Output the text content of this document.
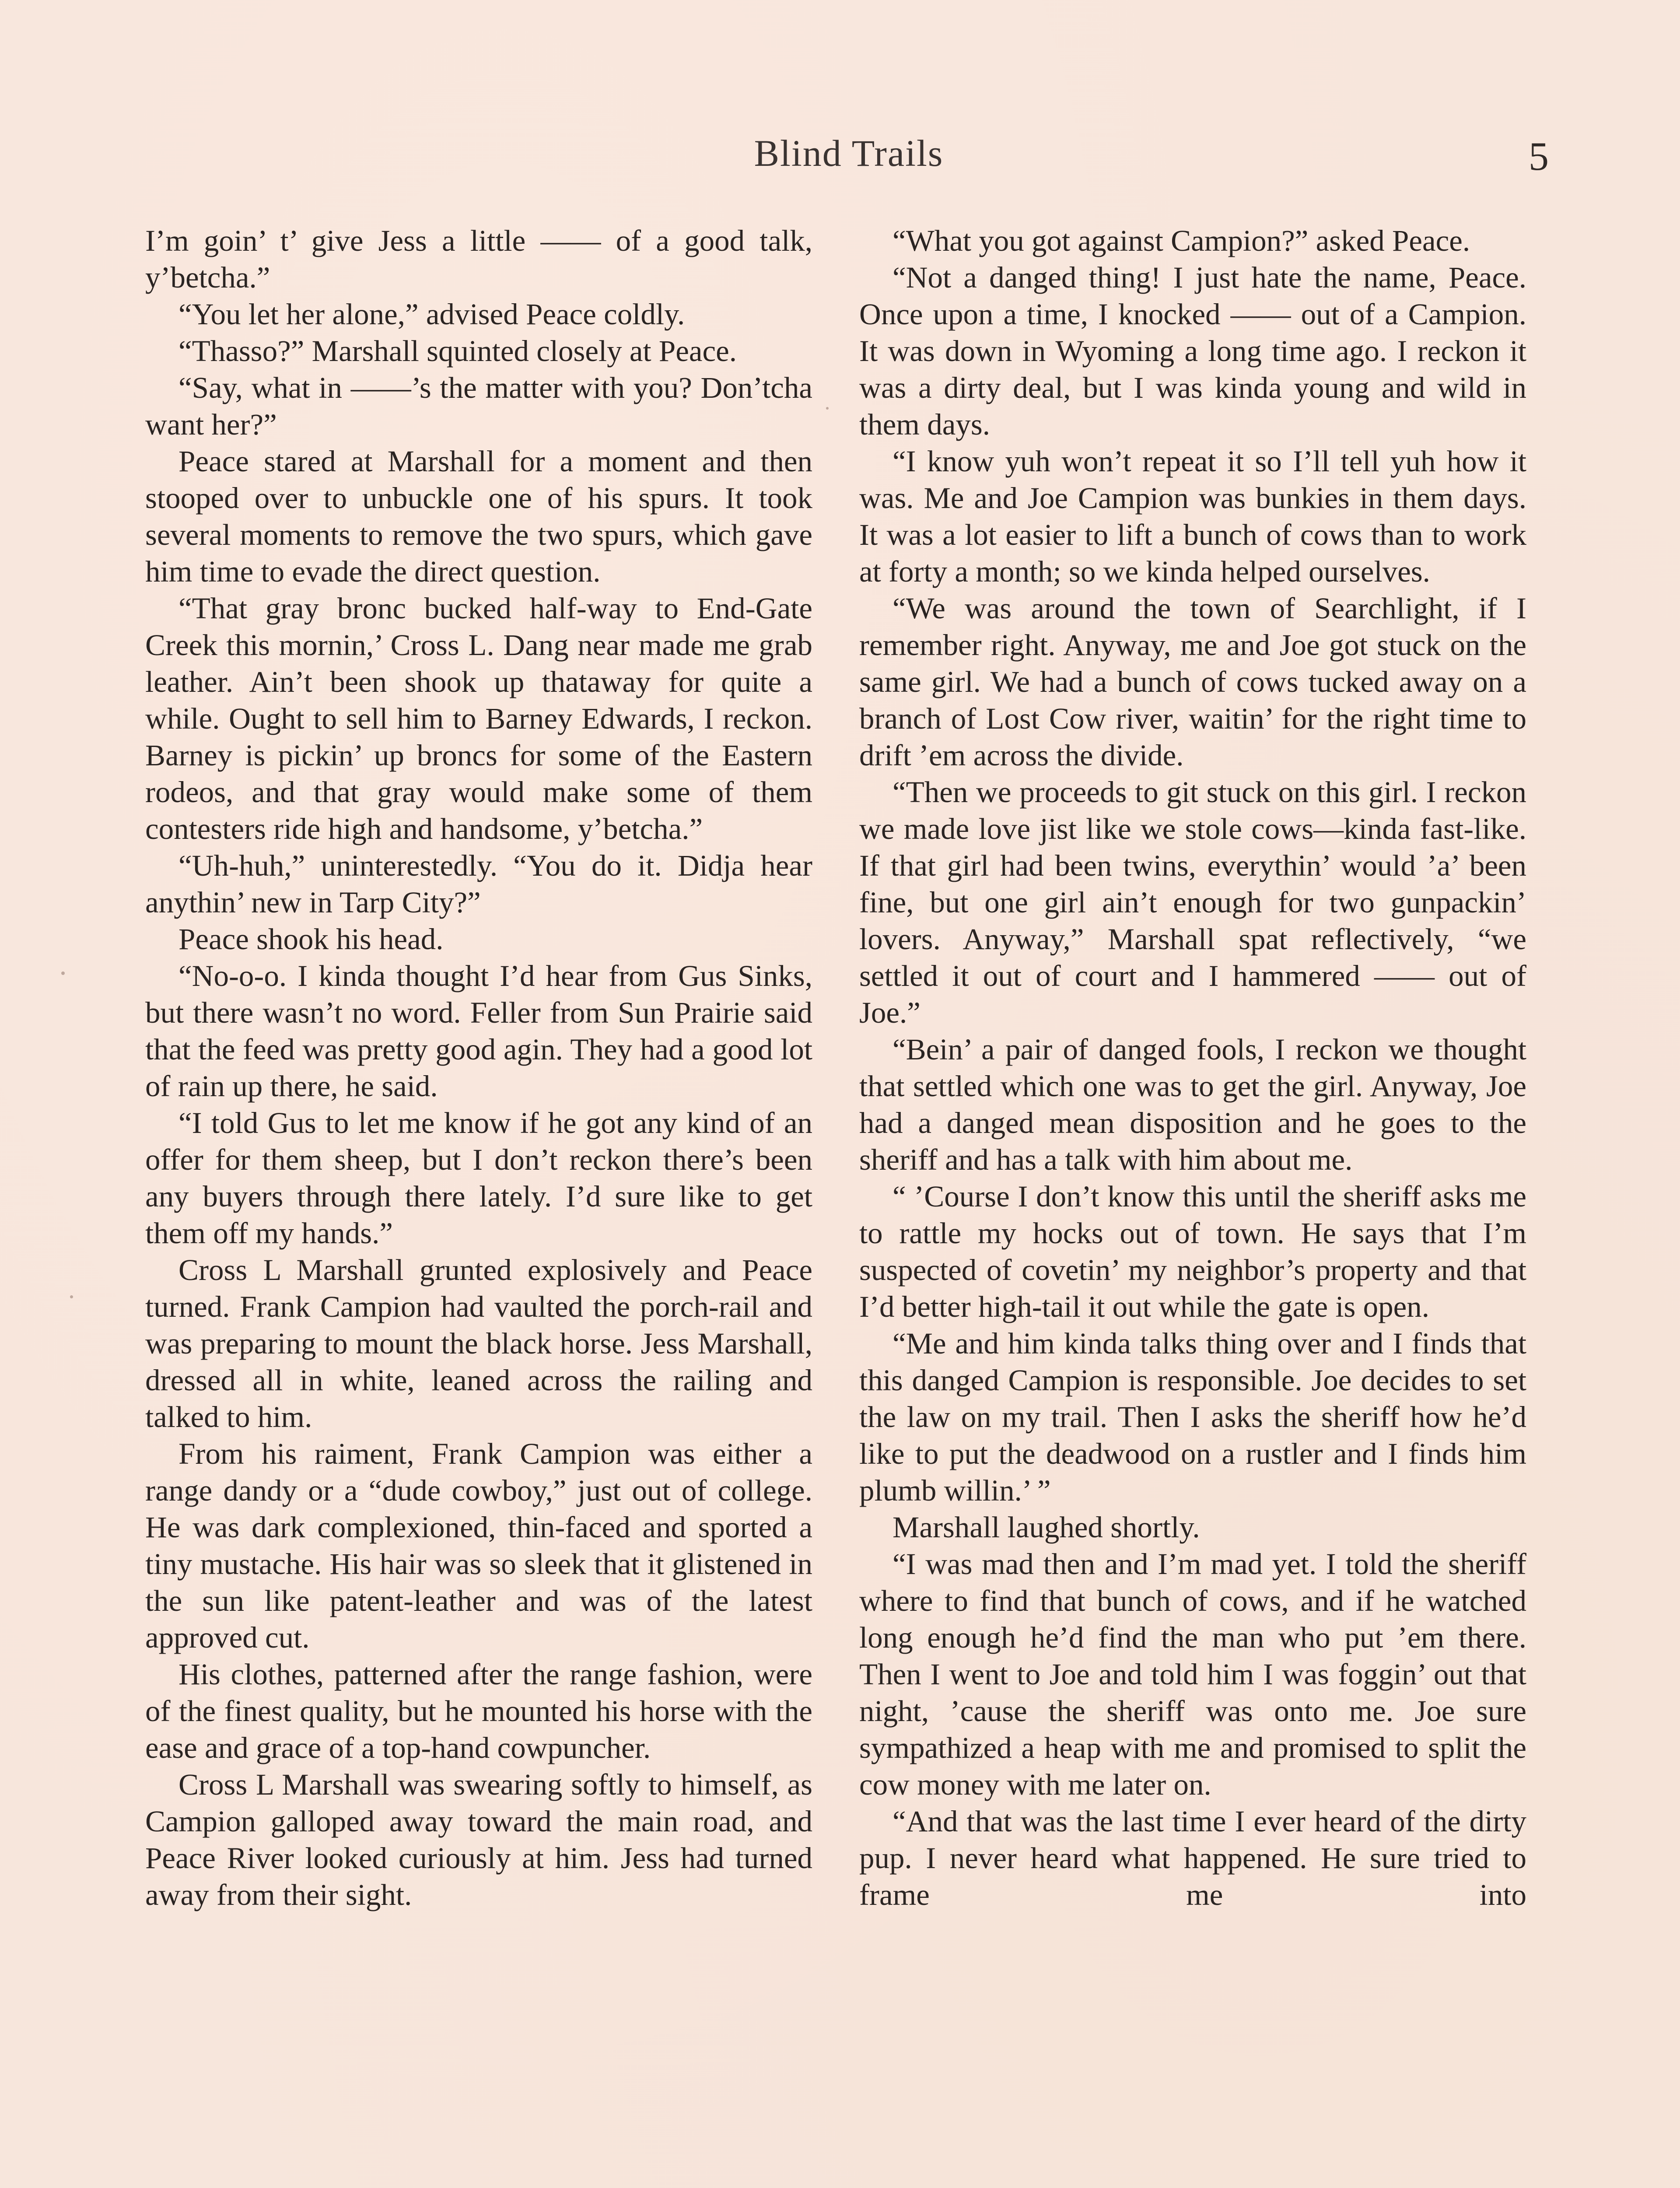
Blind Trails	5

I’m goin’ t’ give Jess a little —— of a good talk, y’betcha.”

“You let her alone,” advised Peace coldly.

“Thasso?” Marshall squinted closely at Peace.

“Say, what in ——’s the matter with you? Don’tcha want her?”

Peace stared at Marshall for a moment and then stooped over to unbuckle one of his spurs. It took several moments to remove the two spurs, which gave him time to evade the direct question.

“That gray bronc bucked half-way to End-Gate Creek this mornin,’ Cross L. Dang near made me grab leather. Ain’t been shook up thataway for quite a while. Ought to sell him to Barney Edwards, I reckon. Barney is pickin’ up broncs for some of the Eastern rodeos, and that gray would make some of them contesters ride high and handsome, y’betcha.”

“Uh-huh,” uninterestedly. “You do it. Didja hear anythin’ new in Tarp City?”

Peace shook his head.

“No-o-o. I kinda thought I’d hear from Gus Sinks, but there wasn’t no word. Feller from Sun Prairie said that the feed was pretty good agin. They had a good lot of rain up there, he said.

“I told Gus to let me know if he got any kind of an offer for them sheep, but I don’t reckon there’s been any buyers through there lately. I’d sure like to get them off my hands.”

Cross L Marshall grunted explosively and Peace turned. Frank Campion had vaulted the porch-rail and was preparing to mount the black horse. Jess Marshall, dressed all in white, leaned across the railing and talked to him.

From his raiment, Frank Campion was either a range dandy or a “dude cowboy,” just out of college. He was dark complexioned, thin-faced and sported a tiny mustache. His hair was so sleek that it glistened in the sun like patent-leather and was of the latest approved cut.

His clothes, patterned after the range fashion, were of the finest quality, but he mounted his horse with the ease and grace of a top-hand cowpuncher.

Cross L Marshall was swearing softly to himself, as Campion galloped away toward the main road, and Peace River looked curiously at him. Jess had turned away from their sight.

“What you got against Campion?” asked Peace.

“Not a danged thing! I just hate the name, Peace. Once upon a time, I knocked —— out of a Campion. It was down in Wyoming a long time ago. I reckon it was a dirty deal, but I was kinda young and wild in them days.

“I know yuh won’t repeat it so I’ll tell yuh how it was. Me and Joe Campion was bunkies in them days. It was a lot easier to lift a bunch of cows than to work at forty a month; so we kinda helped ourselves.

“We was around the town of Searchlight, if I remember right. Anyway, me and Joe got stuck on the same girl. We had a bunch of cows tucked away on a branch of Lost Cow river, waitin’ for the right time to drift ’em across the divide.

“Then we proceeds to git stuck on this girl. I reckon we made love jist like we stole cows—kinda fast-like. If that girl had been twins, everythin’ would ’a’ been fine, but one girl ain’t enough for two gunpackin’ lovers. Anyway,” Marshall spat reflectively, “we settled it out of court and I hammered —— out of Joe.”

“Bein’ a pair of danged fools, I reckon we thought that settled which one was to get the girl. Anyway, Joe had a danged mean disposition and he goes to the sheriff and has a talk with him about me.

“ ’Course I don’t know this until the sheriff asks me to rattle my hocks out of town. He says that I’m suspected of covetin’ my neighbor’s property and that I’d better high-tail it out while the gate is open.

“Me and him kinda talks thing over and I finds that this danged Campion is responsible. Joe decides to set the law on my trail. Then I asks the sheriff how he’d like to put the deadwood on a rustler and I finds him plumb willin.’ ”

Marshall laughed shortly.

“I was mad then and I’m mad yet. I told the sheriff where to find that bunch of cows, and if he watched long enough he’d find the man who put ’em there. Then I went to Joe and told him I was foggin’ out that night, ’cause the sheriff was onto me. Joe sure sympathized a heap with me and promised to split the cow money with me later on.

“And that was the last time I ever heard of the dirty pup. I never heard what happened. He sure tried to frame me into
